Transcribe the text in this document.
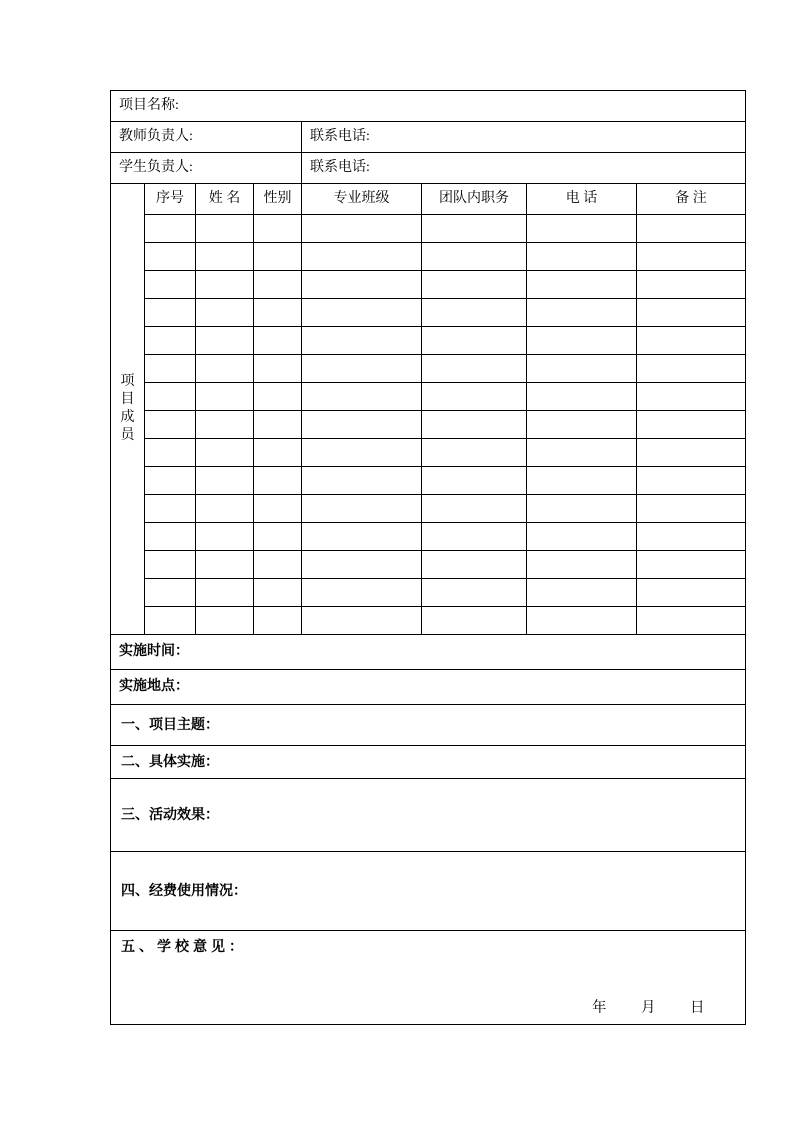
项目名称:							

教师负责人:				联系电话:			

学生负责人:				联系电话:			

项
目
成
员	序号	姓 名	性别	专业班级	团队内职务	电 话	备 注

实施时间：							

实施地点：							

一、项目主题：							

二、具体实施：							

三、活动效果：							

四、经费使用情况：							

五、学校意见：
年 月 日							
